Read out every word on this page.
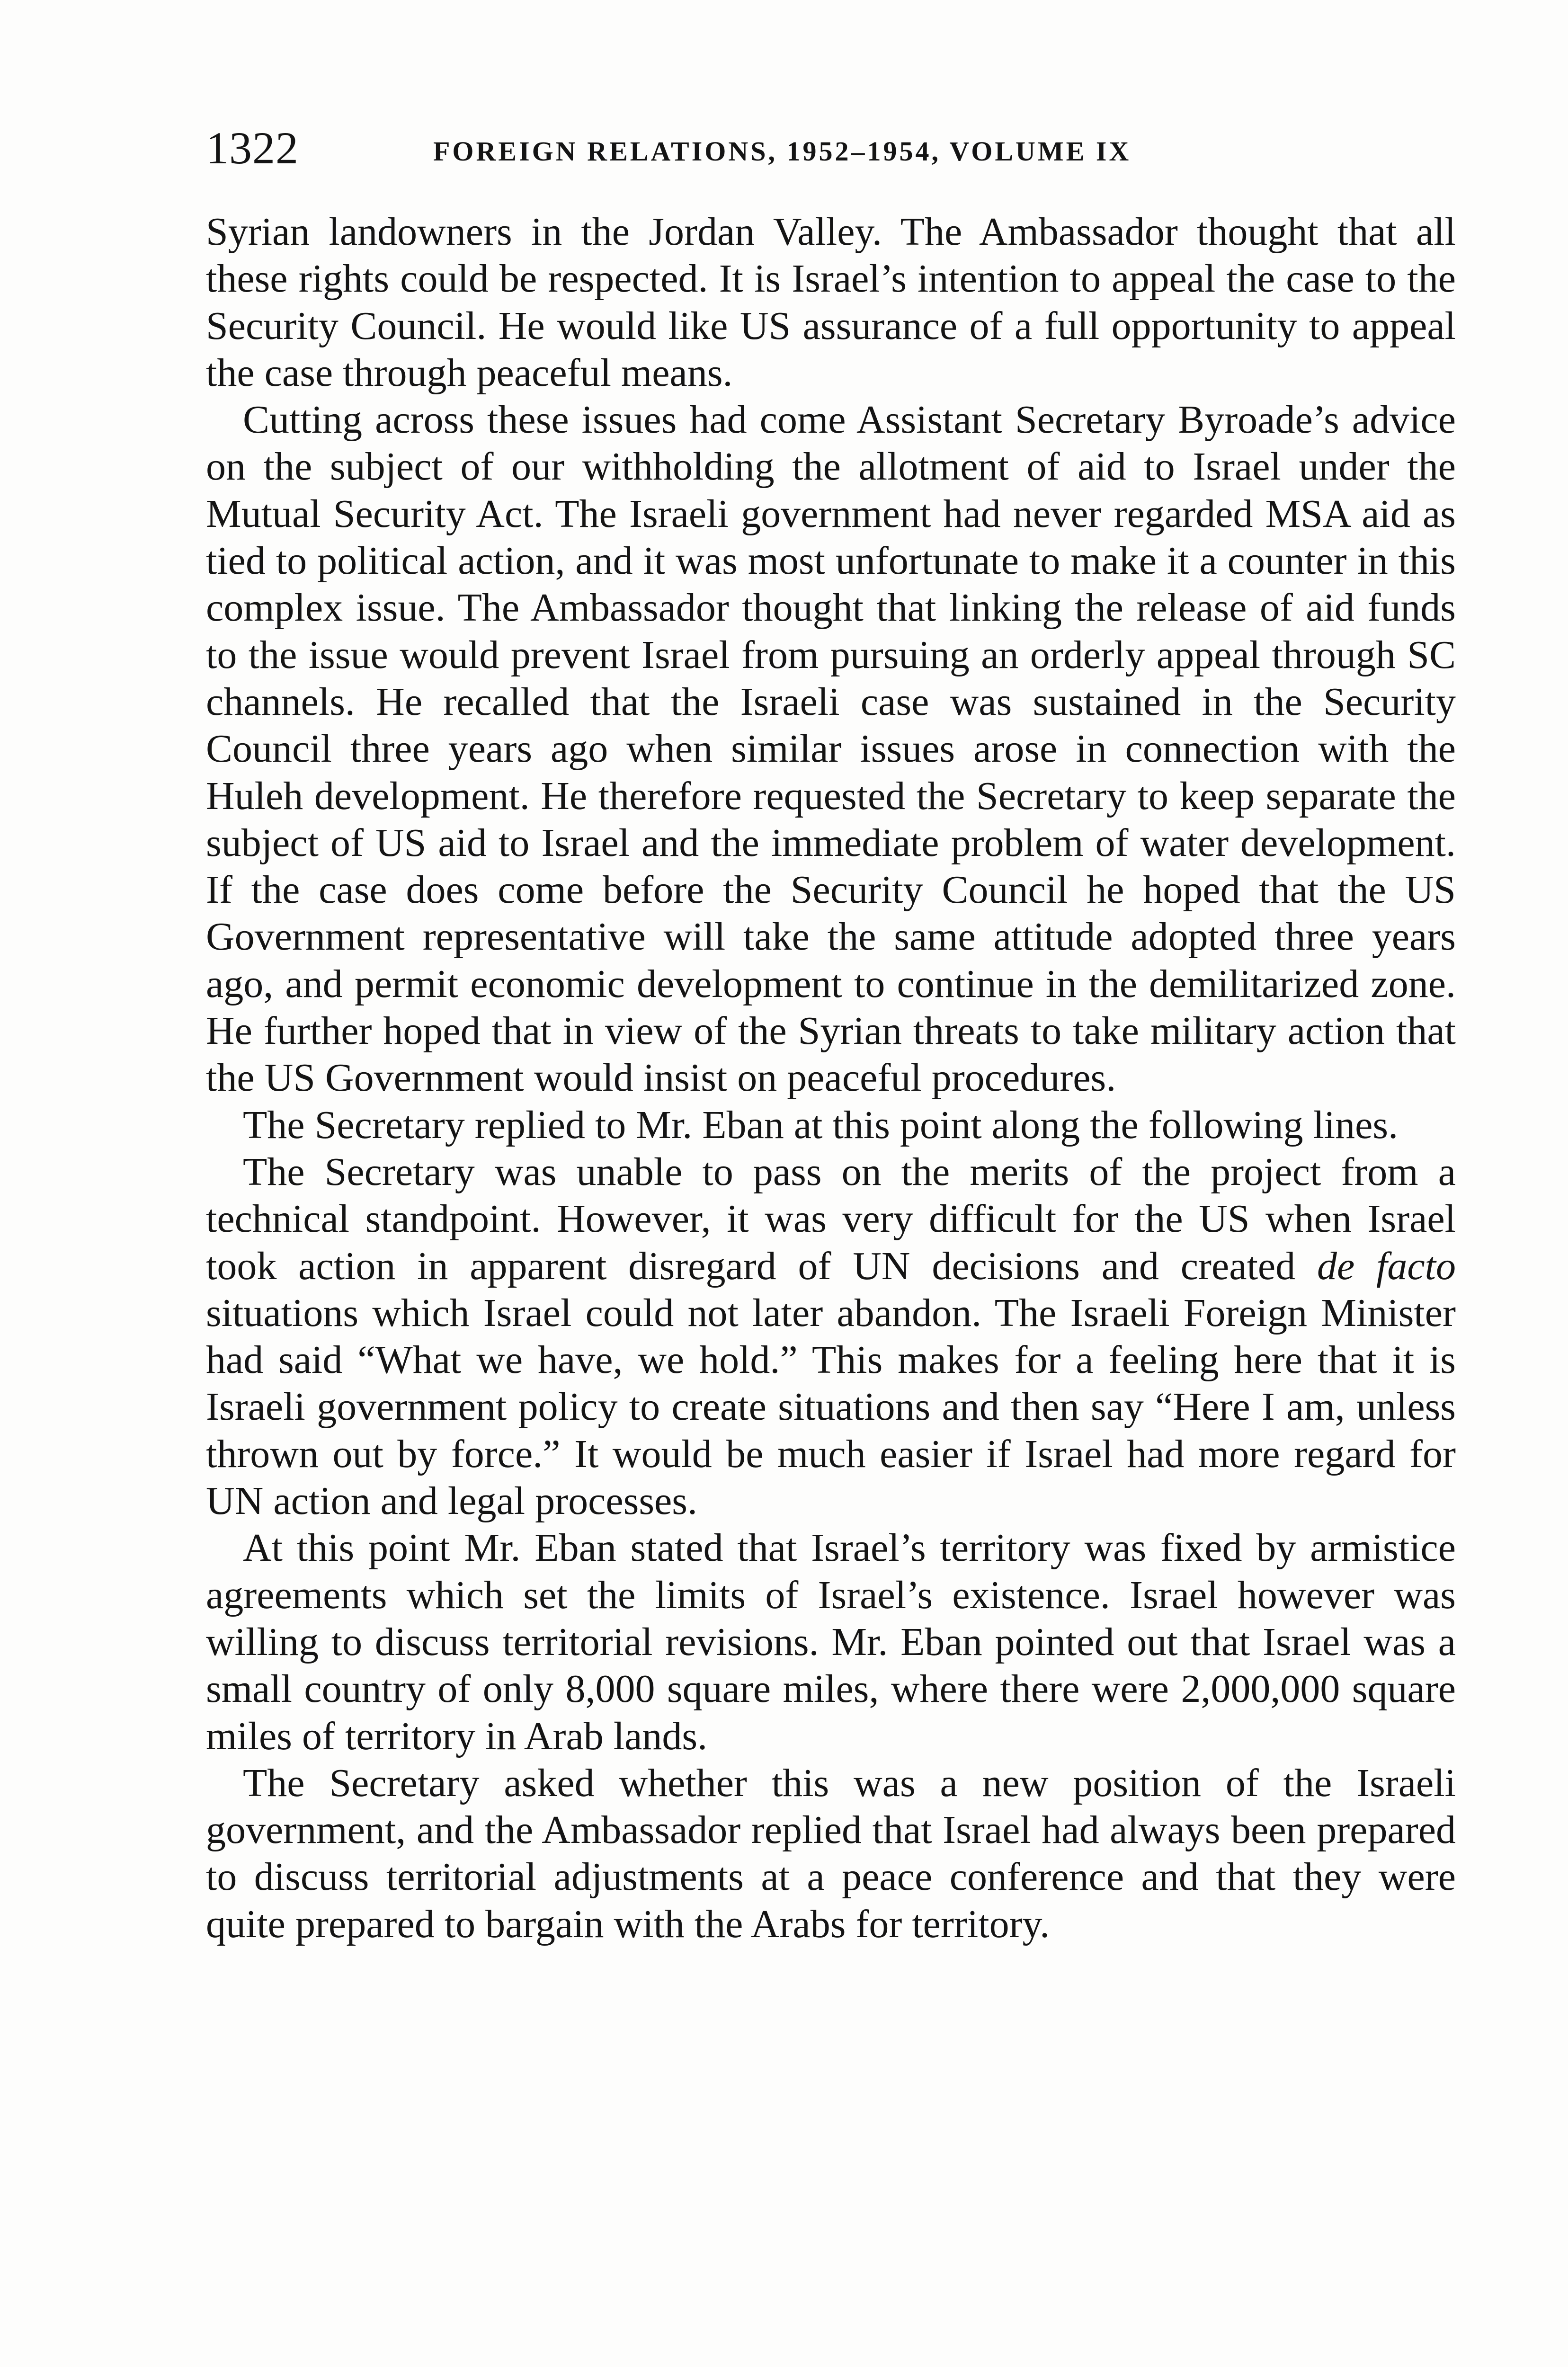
1322	FOREIGN RELATIONS, 1952–1954, VOLUME IX

Syrian landowners in the Jordan Valley. The Ambassador thought that all these rights could be respected. It is Israel’s intention to appeal the case to the Security Council. He would like US assurance of a full opportunity to appeal the case through peaceful means.

Cutting across these issues had come Assistant Secretary Byroade’s advice on the subject of our withholding the allotment of aid to Israel under the Mutual Security Act. The Israeli government had never regarded MSA aid as tied to political action, and it was most unfortunate to make it a counter in this complex issue. The Ambassador thought that linking the release of aid funds to the issue would prevent Israel from pursuing an orderly appeal through SC channels. He recalled that the Israeli case was sustained in the Security Council three years ago when similar issues arose in connection with the Huleh development. He therefore requested the Secretary to keep separate the subject of US aid to Israel and the immediate problem of water development. If the case does come before the Security Council he hoped that the US Government representative will take the same attitude adopted three years ago, and permit economic development to continue in the demilitarized zone. He further hoped that in view of the Syrian threats to take military action that the US Government would insist on peaceful procedures.

The Secretary replied to Mr. Eban at this point along the following lines.

The Secretary was unable to pass on the merits of the project from a technical standpoint. However, it was very difficult for the US when Israel took action in apparent disregard of UN decisions and created de facto situations which Israel could not later abandon. The Israeli Foreign Minister had said “What we have, we hold.” This makes for a feeling here that it is Israeli government policy to create situations and then say “Here I am, unless thrown out by force.” It would be much easier if Israel had more regard for UN action and legal processes.

At this point Mr. Eban stated that Israel’s territory was fixed by armistice agreements which set the limits of Israel’s existence. Israel however was willing to discuss territorial revisions. Mr. Eban pointed out that Israel was a small country of only 8,000 square miles, where there were 2,000,000 square miles of territory in Arab lands.

The Secretary asked whether this was a new position of the Israeli government, and the Ambassador replied that Israel had always been prepared to discuss territorial adjustments at a peace conference and that they were quite prepared to bargain with the Arabs for territory.
